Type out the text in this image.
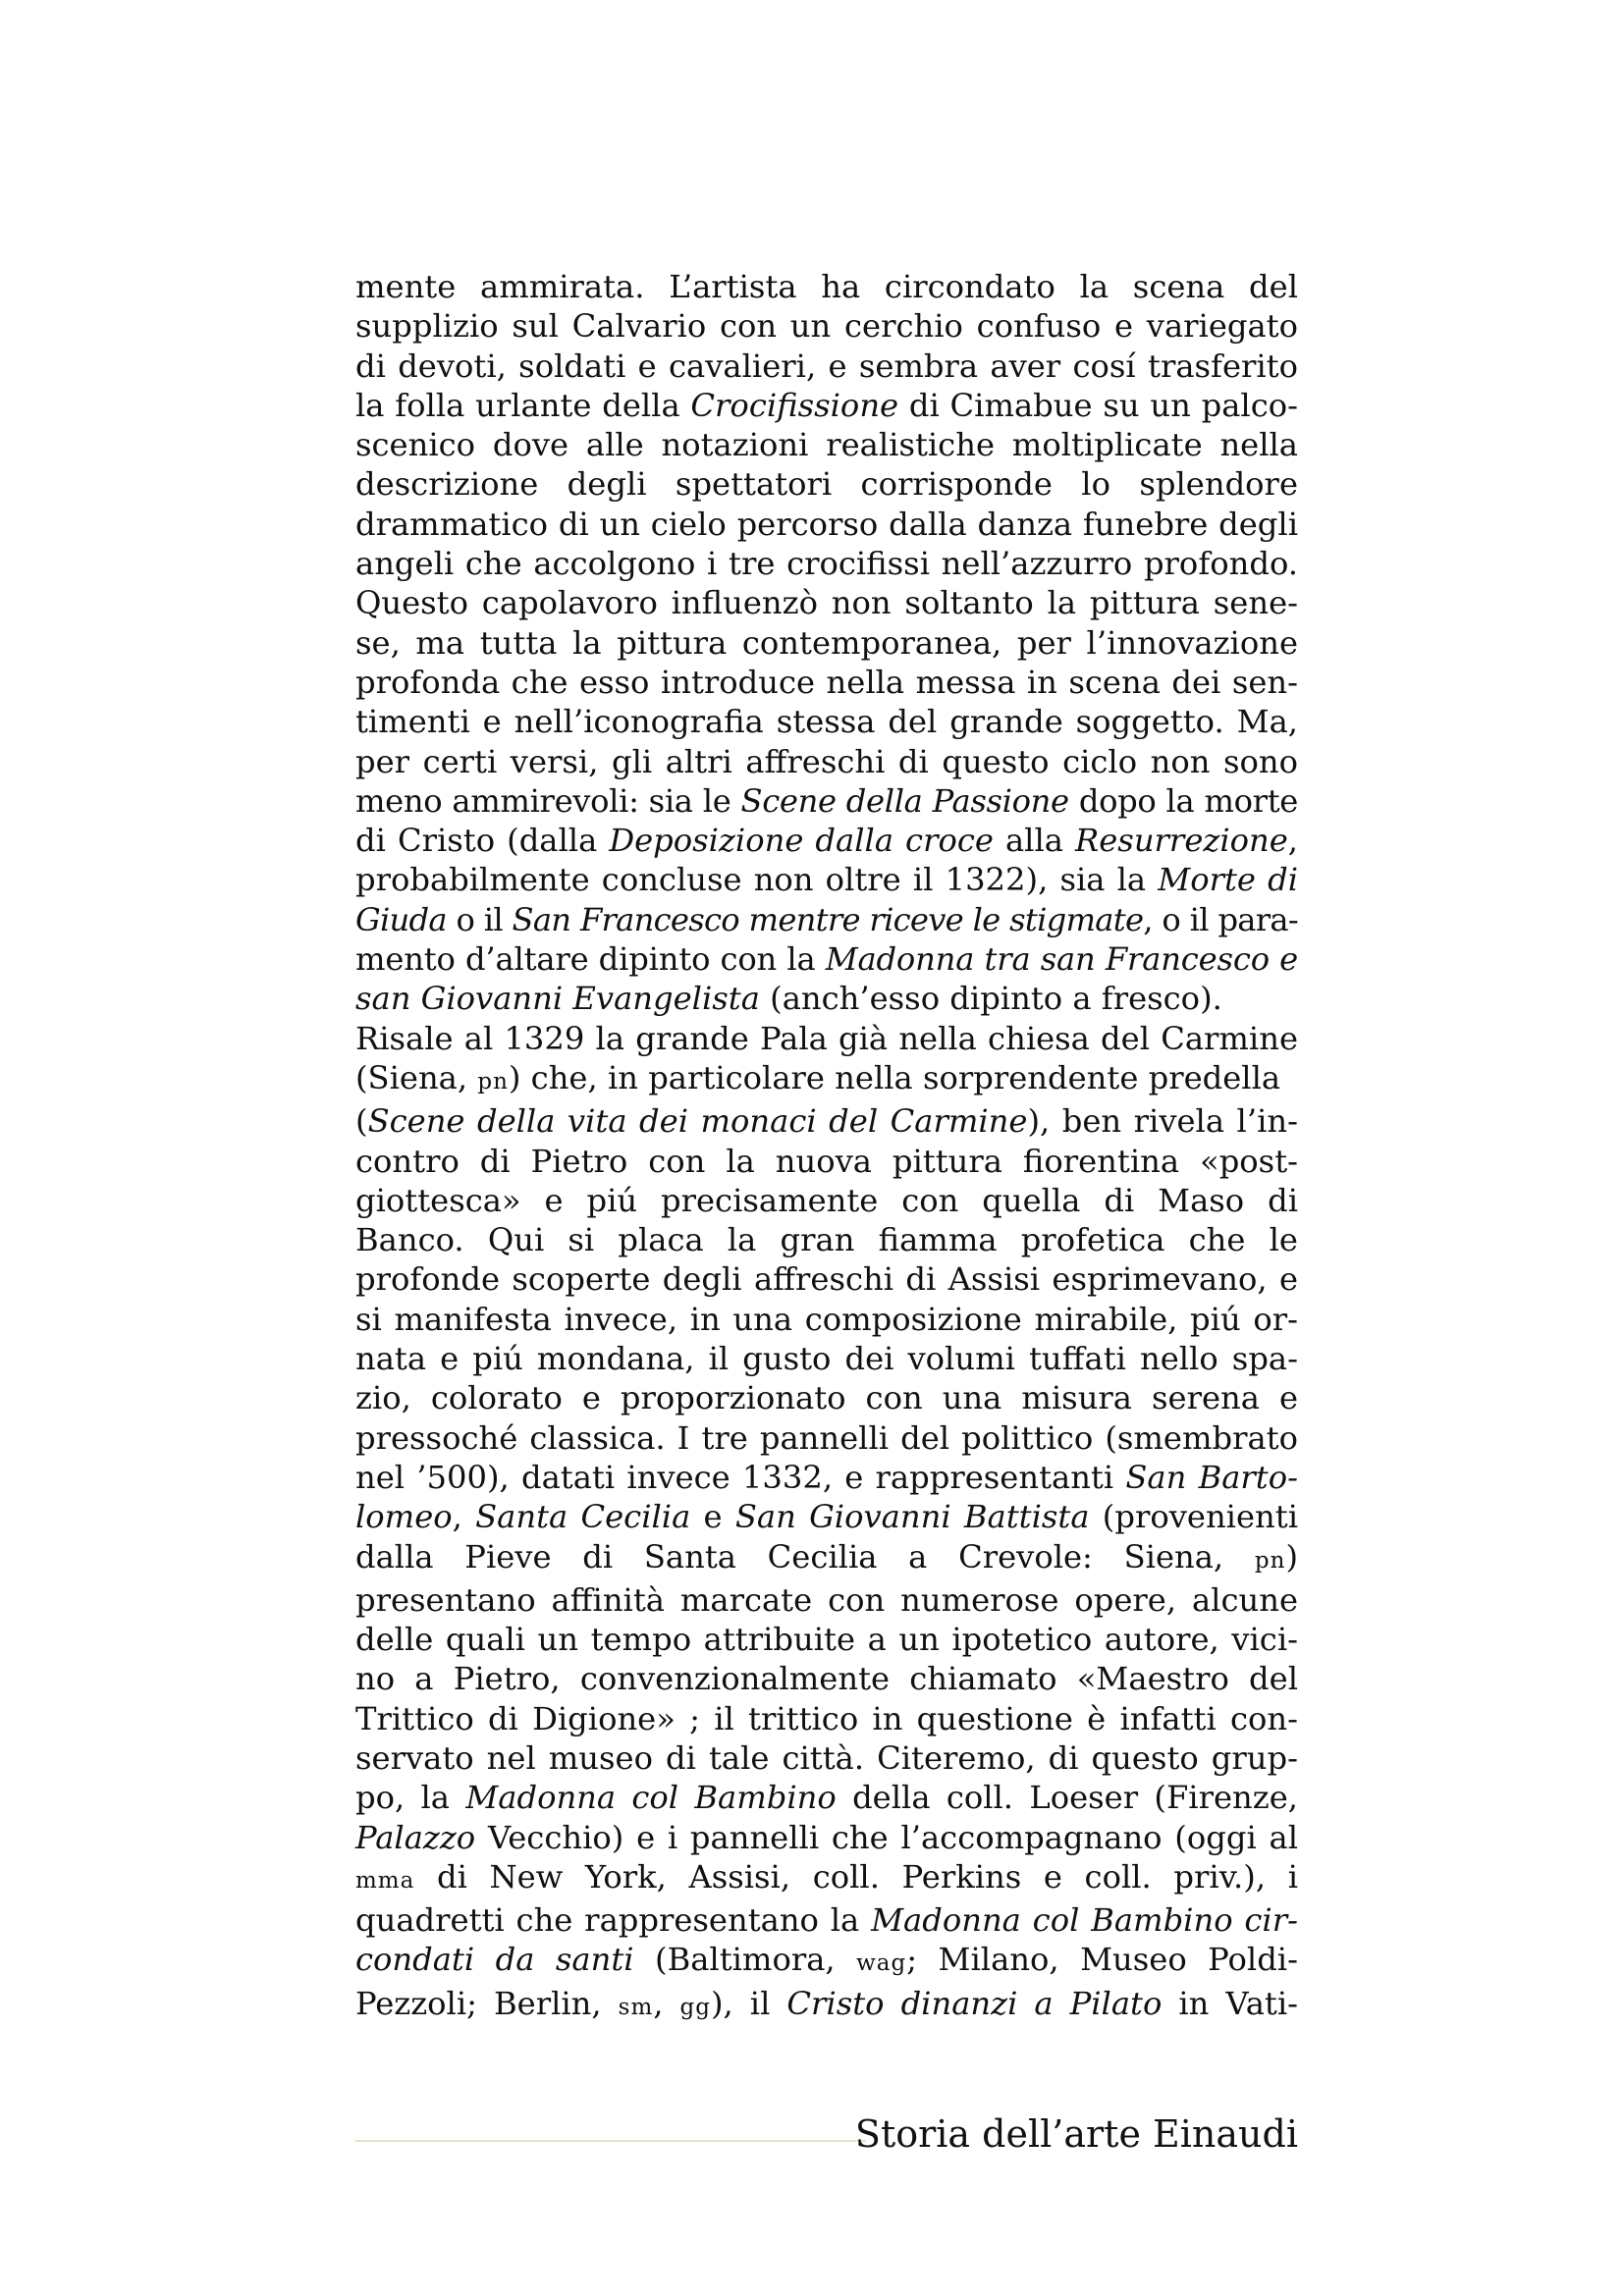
mente ammirata. L’artista ha circondato la scena del
supplizio sul Calvario con un cerchio confuso e variegato
di devoti, soldati e cavalieri, e sembra aver cosí trasferito
la folla urlante della Crocifissione di Cimabue su un palco-
scenico dove alle notazioni realistiche moltiplicate nella
descrizione degli spettatori corrisponde lo splendore
drammatico di un cielo percorso dalla danza funebre degli
angeli che accolgono i tre crocifissi nell’azzurro profondo.
Questo capolavoro influenzò non soltanto la pittura sene-
se, ma tutta la pittura contemporanea, per l’innovazione
profonda che esso introduce nella messa in scena dei sen-
timenti e nell’iconografia stessa del grande soggetto. Ma,
per certi versi, gli altri affreschi di questo ciclo non sono
meno ammirevoli: sia le Scene della Passione dopo la morte
di Cristo (dalla Deposizione dalla croce alla Resurrezione,
probabilmente concluse non oltre il 1322), sia la Morte di
Giuda o il San Francesco mentre riceve le stigmate, o il para-
mento d’altare dipinto con la Madonna tra san Francesco e
san Giovanni Evangelista (anch’esso dipinto a fresco).
Risale al 1329 la grande Pala già nella chiesa del Carmine
(Siena, pn) che, in particolare nella sorprendente predella
(Scene della vita dei monaci del Carmine), ben rivela l’in-
contro di Pietro con la nuova pittura fiorentina «post-
giottesca» e piú precisamente con quella di Maso di
Banco. Qui si placa la gran fiamma profetica che le
profonde scoperte degli affreschi di Assisi esprimevano, e
si manifesta invece, in una composizione mirabile, piú or-
nata e piú mondana, il gusto dei volumi tuffati nello spa-
zio, colorato e proporzionato con una misura serena e
pressoché classica. I tre pannelli del polittico (smembrato
nel ’500), datati invece 1332, e rappresentanti San Barto-
lomeo, Santa Cecilia e San Giovanni Battista (provenienti
dalla Pieve di Santa Cecilia a Crevole: Siena, pn)
presentano affinità marcate con numerose opere, alcune
delle quali un tempo attribuite a un ipotetico autore, vici-
no a Pietro, convenzionalmente chiamato «Maestro del
Trittico di Digione» ; il trittico in questione è infatti con-
servato nel museo di tale città. Citeremo, di questo grup-
po, la Madonna col Bambino della coll. Loeser (Firenze,
Palazzo Vecchio) e i pannelli che l’accompagnano (oggi al
mma di New York, Assisi, coll. Perkins e coll. priv.), i
quadretti che rappresentano la Madonna col Bambino cir-
condati da santi (Baltimora, wag; Milano, Museo Poldi-
Pezzoli; Berlin, sm, gg), il Cristo dinanzi a Pilato in Vati-
Storia dell’arte Einaudi
